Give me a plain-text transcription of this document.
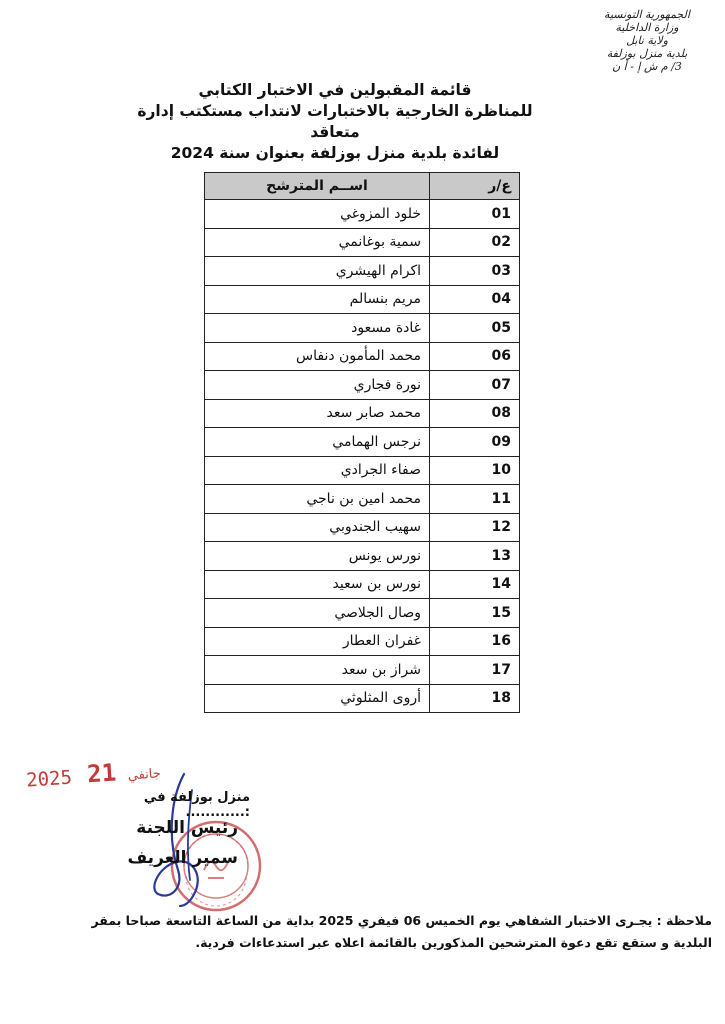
الجمهورية التونسية
وزارة الداخلية
ولاية نابل
بلدية منزل بوزلفة
3/ م ش إ - أ ن
قائمة المقبولين في الاختبار الكتابي
للمناظرة الخارجية بالاختبارات لانتداب مستكتب إدارة متعاقد
لفائدة بلدية منزل بوزلفة بعنوان سنة 2024
ع/ر	اســم المترشح
01	خلود المزوغي
02	سمية بوغانمي
03	اكرام الهيشري
04	مريم بنسالم
05	غادة مسعود
06	محمد المأمون دنفاس
07	نورة فجاري
08	محمد صابر سعد
09	نرجس الهمامي
10	صفاء الجرادي
11	محمد امين بن ناجي
12	سهيب الجندوبي
13	نورس يونس
14	نورس بن سعيد
15	وصال الجلاصي
16	غفران العطار
17	شراز بن سعد
18	أروى المثلوثي
2025	جانفي 21
منزل بوزلفة في :............
رئيس اللجنة
سمير العريف
ملاحظة : يجـرى الاختبار الشفاهي يوم الخميس 06 فيفري 2025 بداية من الساعة التاسعة صباحا بمقر
البلدية و ستقع تقع دعوة المترشحين المذكورين بالقائمة اعلاه عبر استدعاءات فردية.
